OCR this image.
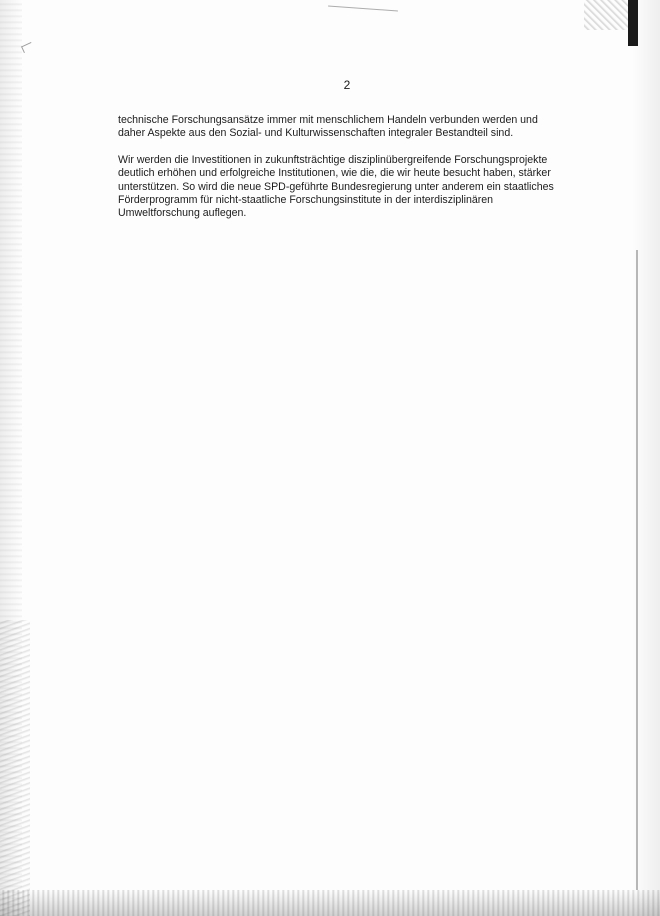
2

technische Forschungsansätze immer mit menschlichem Handeln verbunden werden und
daher Aspekte aus den Sozial- und Kulturwissenschaften integraler Bestandteil sind.

Wir werden die Investitionen in zukunftsträchtige disziplinübergreifende Forschungsprojekte
deutlich erhöhen und erfolgreiche Institutionen, wie die, die wir heute besucht haben, stärker
unterstützen. So wird die neue SPD-geführte Bundesregierung unter anderem ein staatliches
Förderprogramm für nicht-staatliche Forschungsinstitute in der interdisziplinären
Umweltforschung auflegen.
